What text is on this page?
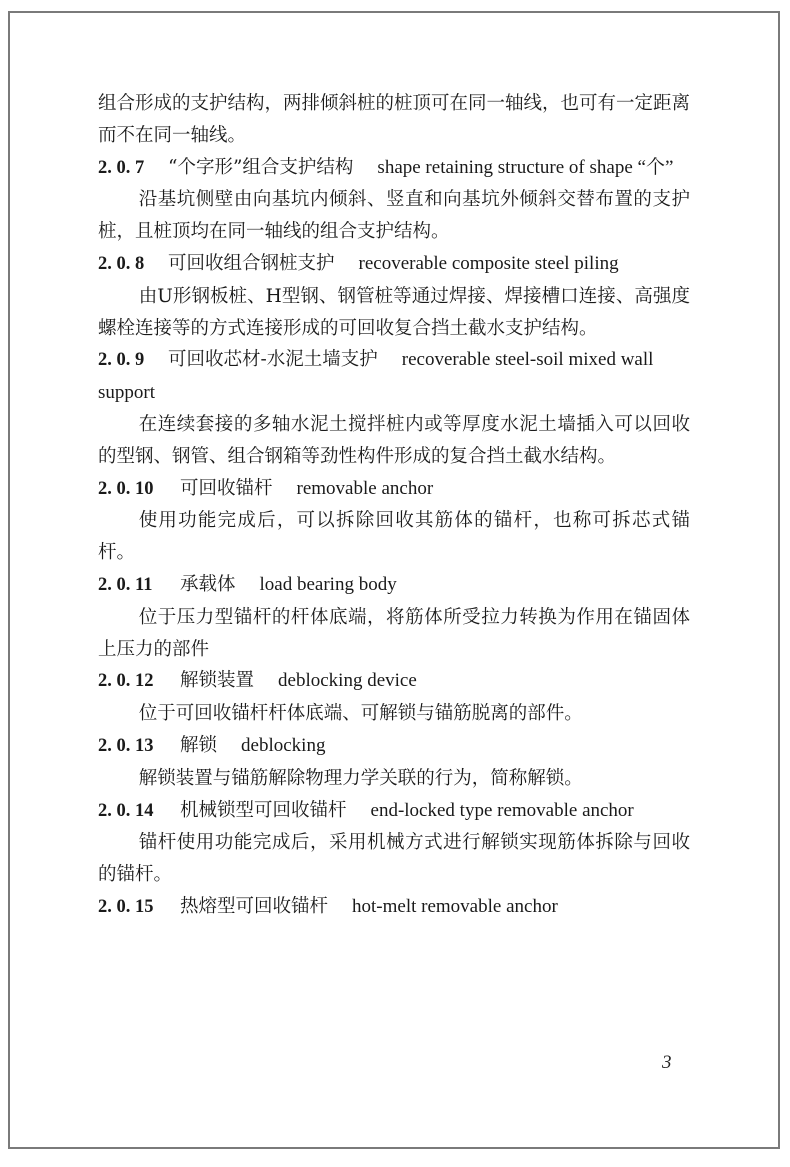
组合形成的支护结构，两排倾斜桩的桩顶可在同一轴线，也可有一定距离而不在同一轴线。

2. 0. 7 “个字形”组合支护结构 shape retaining structure of shape “个”

沿基坑侧壁由向基坑内倾斜、竖直和向基坑外倾斜交替布置的支护桩，且桩顶均在同一轴线的组合支护结构。

2. 0. 8 可回收组合钢桩支护 recoverable composite steel piling

由U形钢板桩、H型钢、钢管桩等通过焊接、焊接槽口连接、高强度螺栓连接等的方式连接形成的可回收复合挡土截水支护结构。

2. 0. 9 可回收芯材-水泥土墙支护 recoverable steel-soil mixed wall support

在连续套接的多轴水泥土搅拌桩内或等厚度水泥土墙插入可以回收的型钢、钢管、组合钢箱等劲性构件形成的复合挡土截水结构。

2. 0. 10 可回收锚杆 removable anchor

使用功能完成后，可以拆除回收其筋体的锚杆，也称可拆芯式锚杆。

2. 0. 11 承载体 load bearing body

位于压力型锚杆的杆体底端，将筋体所受拉力转换为作用在锚固体上压力的部件

2. 0. 12 解锁装置 deblocking device

位于可回收锚杆杆体底端、可解锁与锚筋脱离的部件。

2. 0. 13 解锁 deblocking

解锁装置与锚筋解除物理力学关联的行为，简称解锁。

2. 0. 14 机械锁型可回收锚杆 end-locked type removable anchor

锚杆使用功能完成后，采用机械方式进行解锁实现筋体拆除与回收的锚杆。

2. 0. 15 热熔型可回收锚杆 hot-melt removable anchor

3
